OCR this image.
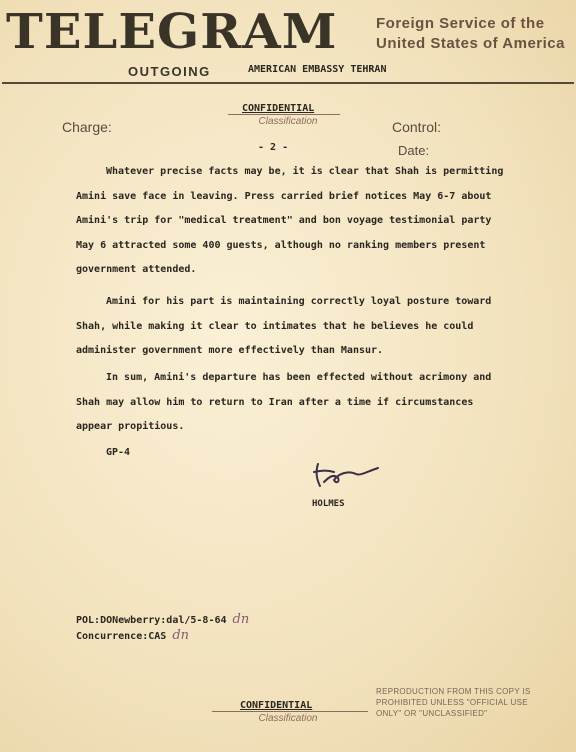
TELEGRAM	Foreign Service of the
United States of America
OUTGOING	AMERICAN EMBASSY TEHRAN
CONFIDENTIAL
Classification
Charge:	Control:
- 2 -	Date:
Whatever precise facts may be, it is clear that Shah is permitting
Amini save face in leaving. Press carried brief notices May 6-7 about
Amini's trip for "medical treatment" and bon voyage testimonial party
May 6 attracted some 400 guests, although no ranking members present
government attended.
Amini for his part is maintaining correctly loyal posture toward
Shah, while making it clear to intimates that he believes he could
administer government more effectively than Mansur.
In sum, Amini's departure has been effected without acrimony and
Shah may allow him to return to Iran after a time if circumstances
appear propitious.
GP-4
HOLMES
POL:DONewberry:dal/5-8-64 dn
Concurrence:CAS dn
CONFIDENTIAL
Classification
REPRODUCTION FROM THIS COPY IS
PROHIBITED UNLESS "OFFICIAL USE
ONLY" OR "UNCLASSIFIED"
